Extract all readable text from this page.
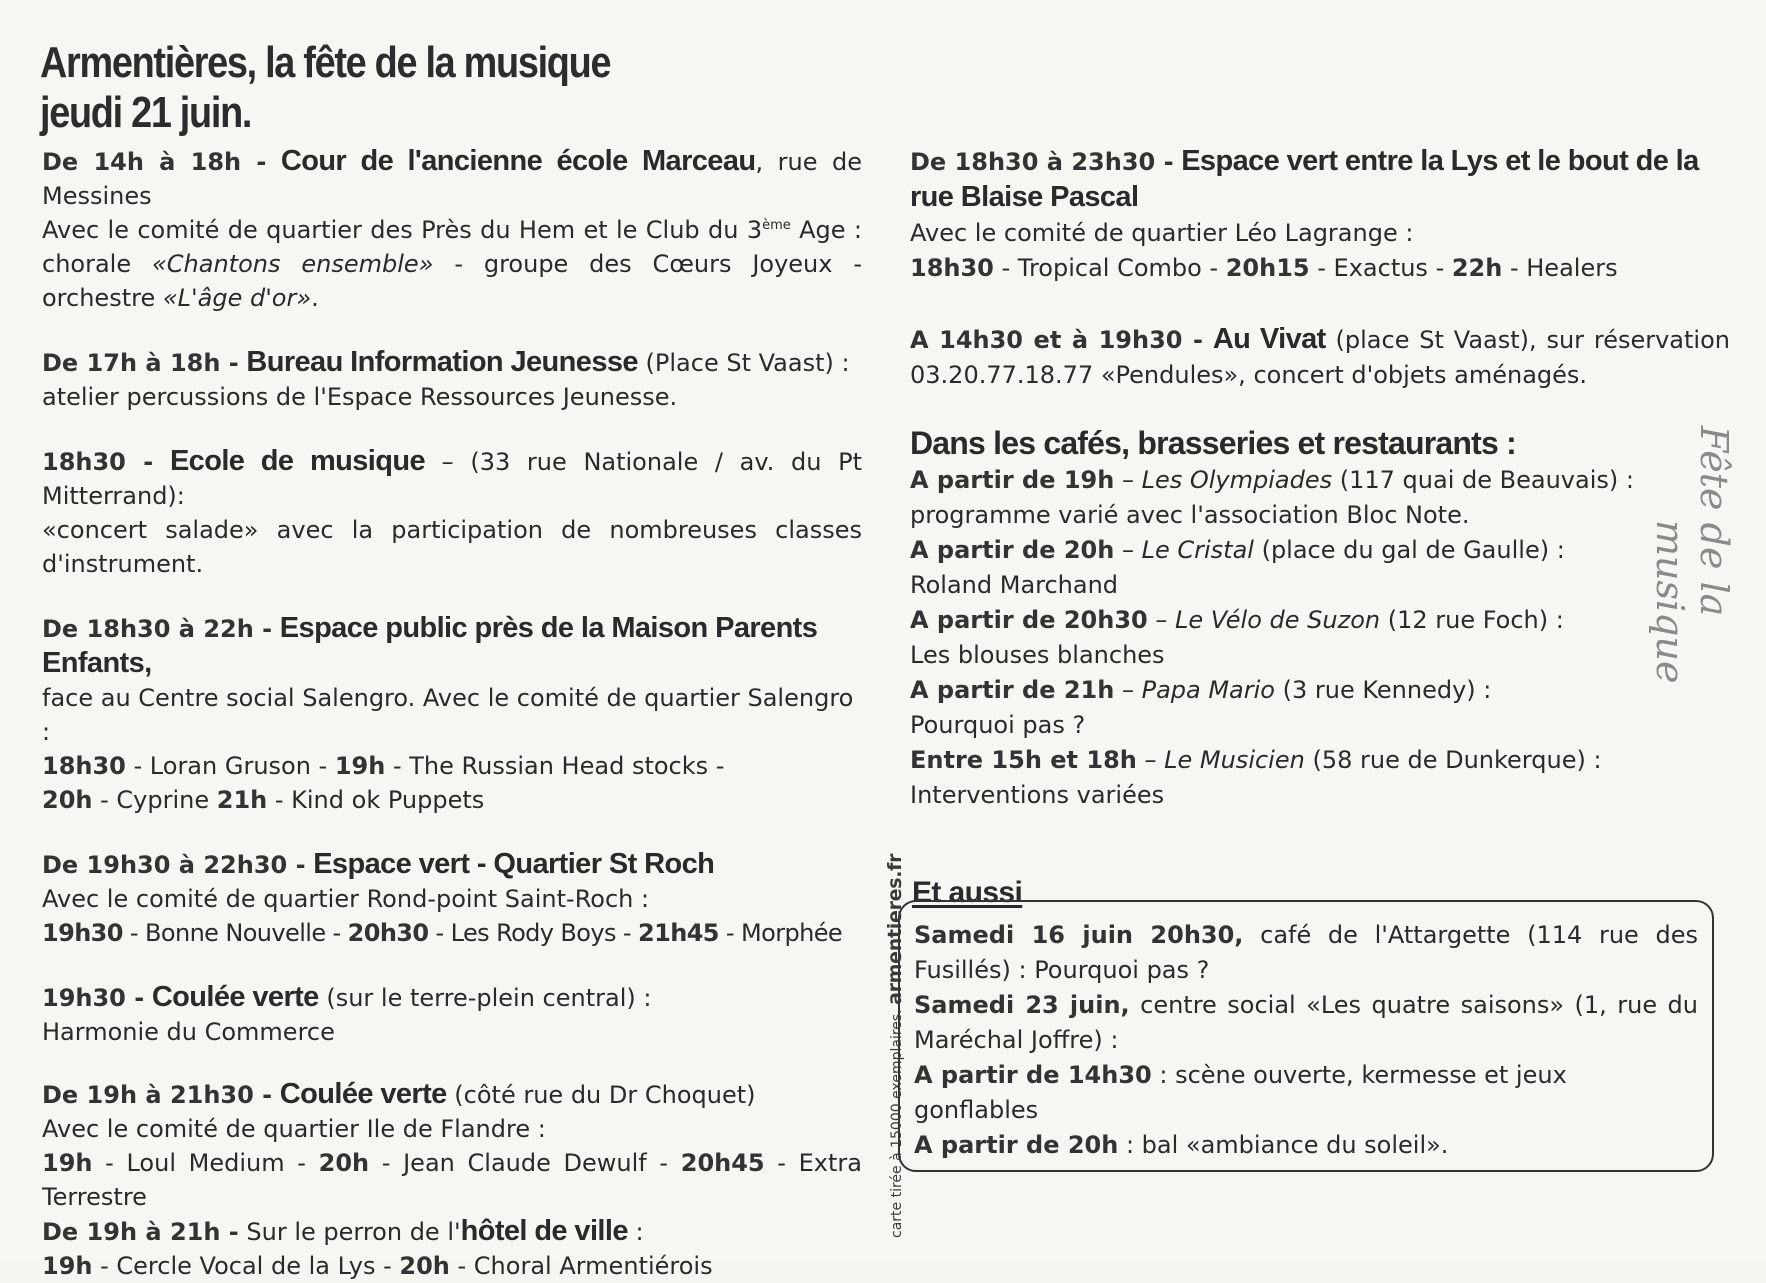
Armentières, la fête de la musique
jeudi 21 juin.
De 14h à 18h - Cour de l'ancienne école Marceau, rue de Messines
Avec le comité de quartier des Près du Hem et le Club du 3ème Age :
chorale «Chantons ensemble» - groupe des Cœurs Joyeux - orchestre «L'âge d'or».
De 17h à 18h - Bureau Information Jeunesse (Place St Vaast) :
atelier percussions de l'Espace Ressources Jeunesse.
18h30 - Ecole de musique – (33 rue Nationale / av. du Pt Mitterrand):
«concert salade» avec la participation de nombreuses classes d'instrument.
De 18h30 à 22h - Espace public près de la Maison Parents Enfants,
face au Centre social Salengro. Avec le comité de quartier Salengro :
18h30 - Loran Gruson - 19h - The Russian Head stocks -
20h - Cyprine 21h - Kind ok Puppets
De 19h30 à 22h30 - Espace vert - Quartier St Roch
Avec le comité de quartier Rond-point Saint-Roch :
19h30 - Bonne Nouvelle - 20h30 - Les Rody Boys - 21h45 - Morphée
19h30 - Coulée verte (sur le terre-plein central) :
Harmonie du Commerce
De 19h à 21h30 - Coulée verte (côté rue du Dr Choquet)
Avec le comité de quartier Ile de Flandre :
19h - Loul Medium - 20h - Jean Claude Dewulf - 20h45 - Extra Terrestre
De 19h à 21h - Sur le perron de l'hôtel de ville :
19h - Cercle Vocal de la Lys - 20h - Choral Armentiérois
De 18h30 à 23h30 - Espace vert entre la Lys et le bout de la rue Blaise Pascal
Avec le comité de quartier Léo Lagrange :
18h30 - Tropical Combo - 20h15 - Exactus - 22h - Healers
A 14h30 et à 19h30 - Au Vivat (place St Vaast), sur réservation
03.20.77.18.77 «Pendules», concert d'objets aménagés.
Dans les cafés, brasseries et restaurants :
A partir de 19h – Les Olympiades (117 quai de Beauvais) :
programme varié avec l'association Bloc Note.
A partir de 20h – Le Cristal (place du gal de Gaulle) :
Roland Marchand
A partir de 20h30 – Le Vélo de Suzon (12 rue Foch) :
Les blouses blanches
A partir de 21h – Papa Mario (3 rue Kennedy) :
Pourquoi pas ?
Entre 15h et 18h – Le Musicien (58 rue de Dunkerque) :
Interventions variées
Et aussi
Samedi 16 juin 20h30, café de l'Attargette (114 rue des Fusillés) : Pourquoi pas ?
Samedi 23 juin, centre social «Les quatre saisons» (1, rue du Maréchal Joffre) :
A partir de 14h30 : scène ouverte, kermesse et jeux gonflables
A partir de 20h : bal «ambiance du soleil».
carte tirée à 15000 exemplaires. armentieres.fr
Fête de la
musique
